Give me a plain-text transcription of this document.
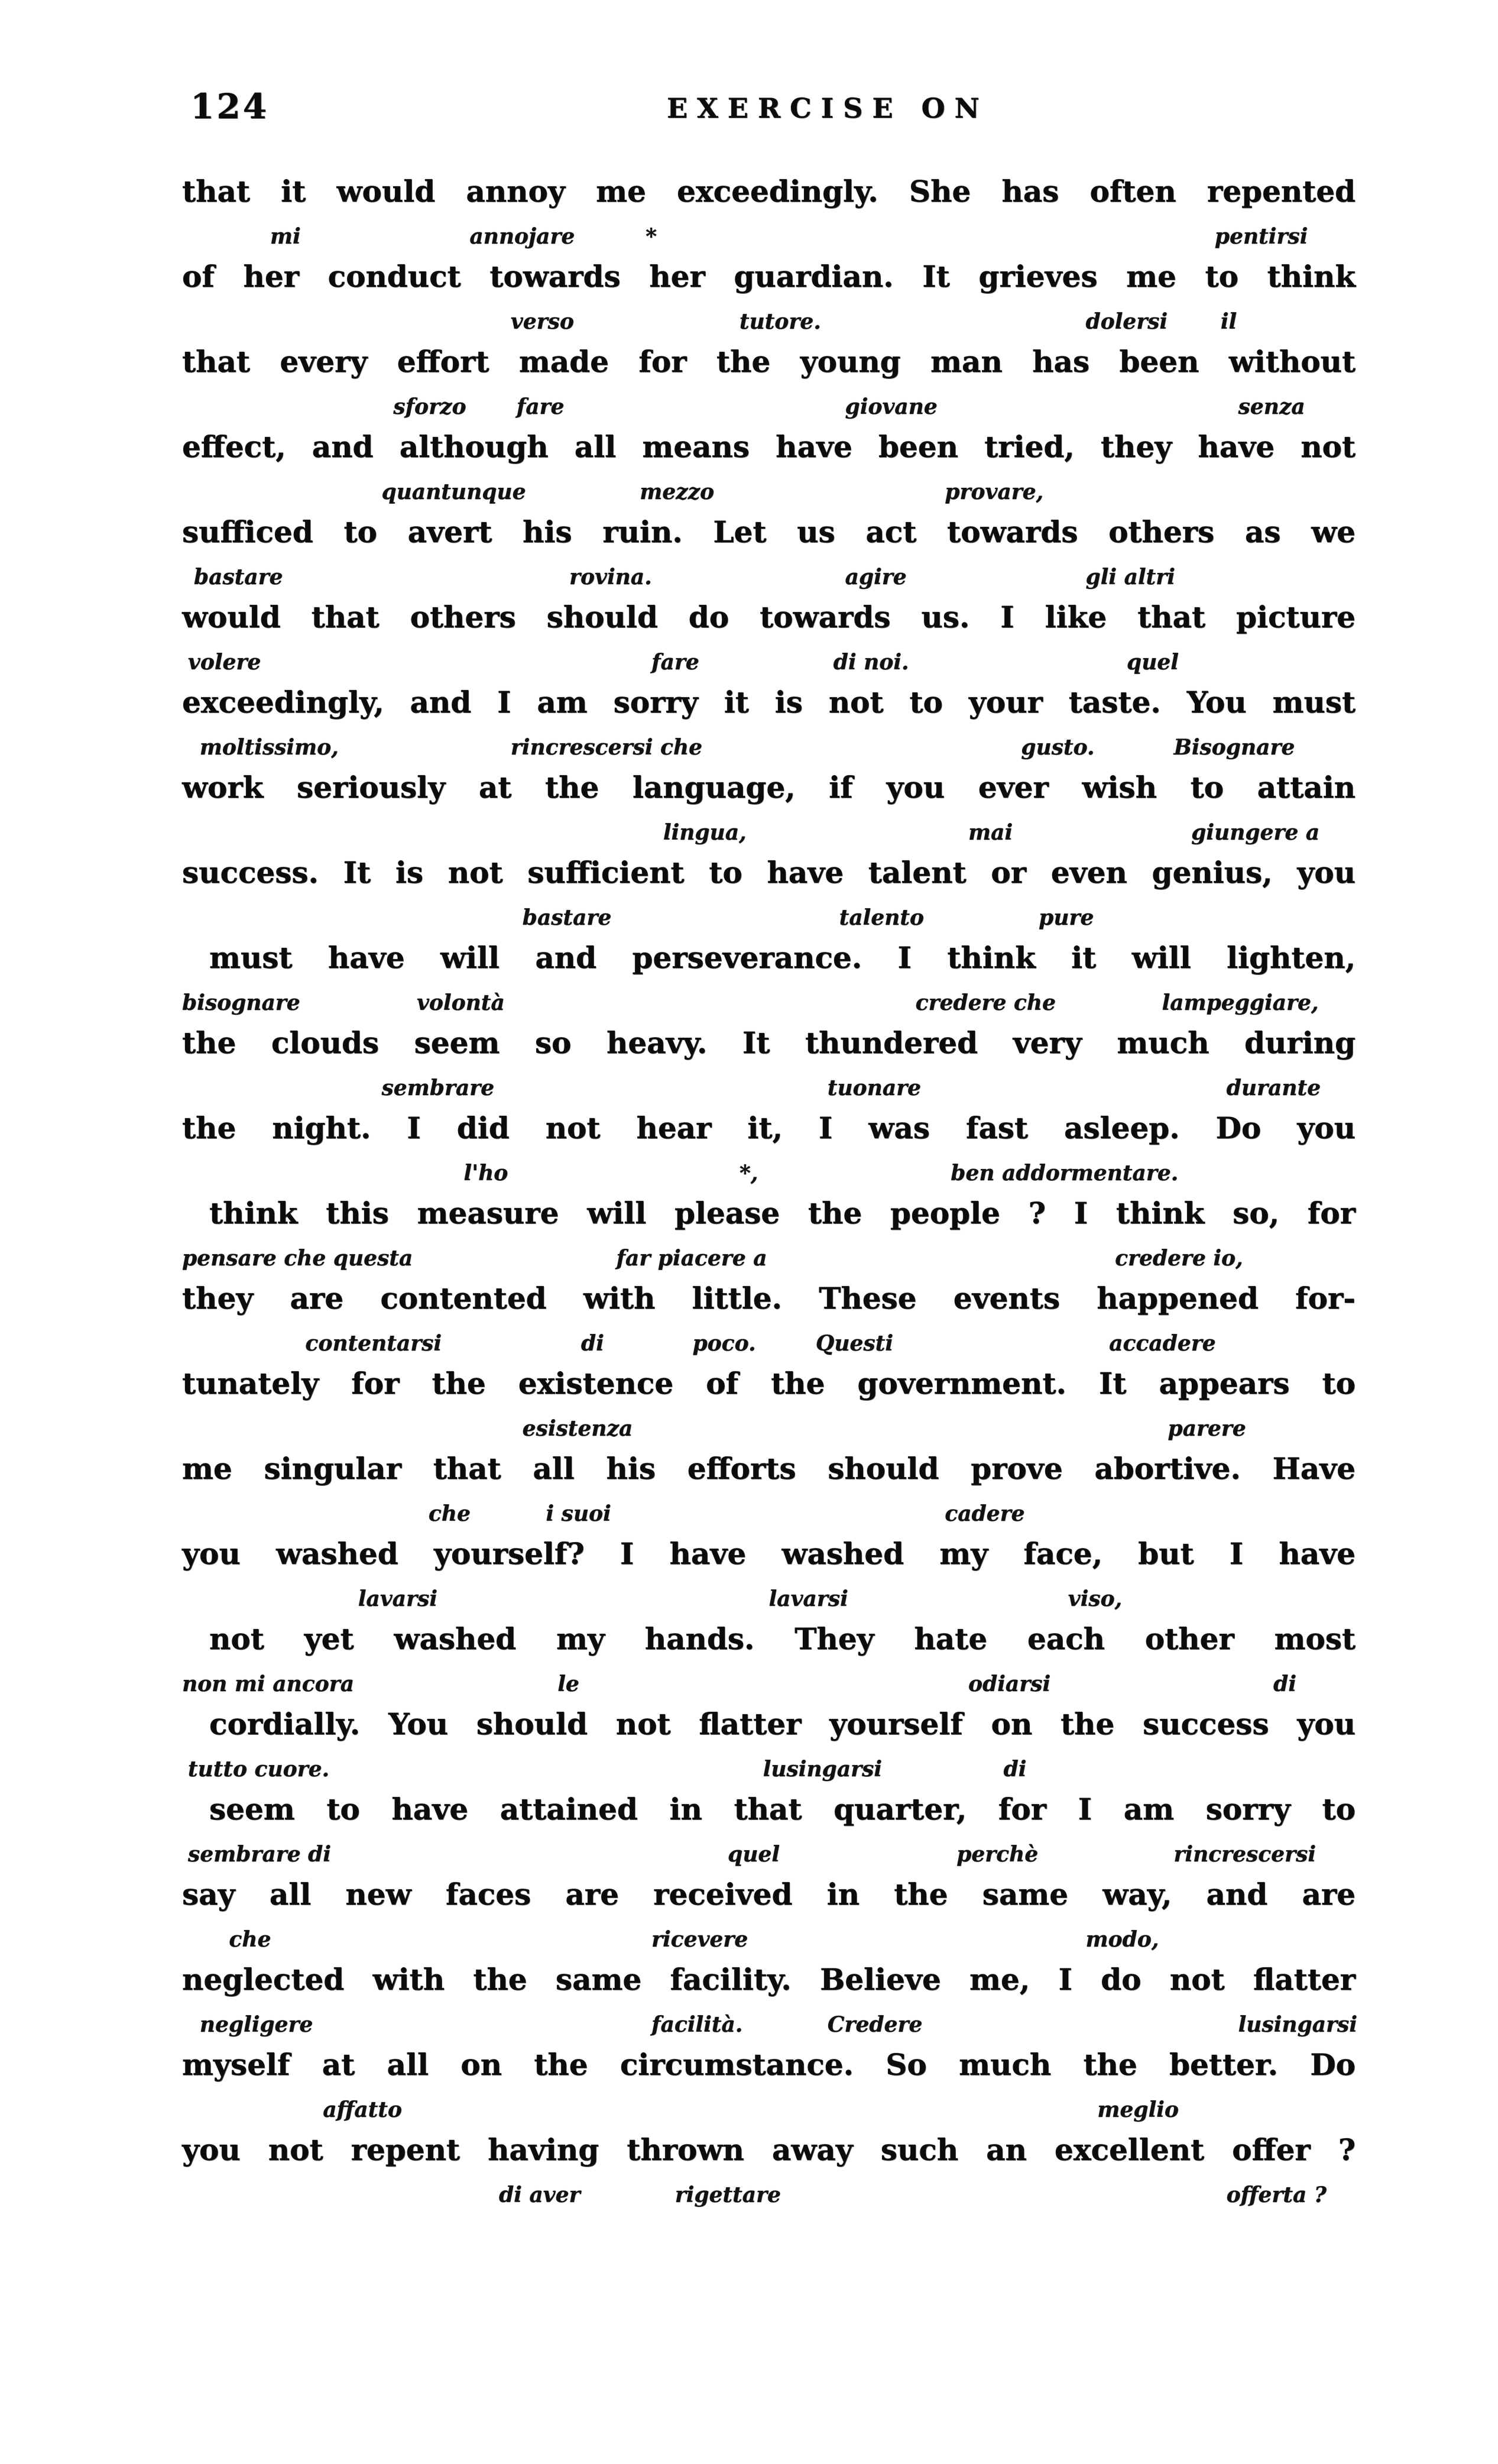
124	EXERCISE ON
that it would annoy me exceedingly. She has often repented
mi	annojare	*	pentirsi
of her conduct towards her guardian. It grieves me to think
verso	tutore.	dolersi il
that every effort made for the young man has been without
sforzo fare	giovane	senza
effect, and although all means have been tried, they have not
quantunque	mezzo	provare,
sufficed to avert his ruin. Let us act towards others as we
bastare	rovina.	agire	gli altri
would that others should do towards us. I like that picture
volere	fare	di noi.	quel
exceedingly, and I am sorry it is not to your taste. You must
moltissimo,	rincrescersi che	gusto.	Bisognare
work seriously at the language, if you ever wish to attain
lingua,	mai	giungere a
success. It is not sufficient to have talent or even genius, you
bastare	talento	pure
must have will and perseverance. I think it will lighten,
bisognare	volontà	credere che	lampeggiare,
the clouds seem so heavy. It thundered very much during
sembrare	tuonare	durante
the night. I did not hear it, I was fast asleep. Do you
l'ho	*,	ben addormentare.
think this measure will please the people ? I think so, for
pensare che questa	far piacere a	credere io,
they are contented with little. These events happened for-
contentarsi	di	poco.	Questi	accadere
tunately for the existence of the government. It appears to
esistenza	parere
me singular that all his efforts should prove abortive. Have
che	i suoi	cadere
you washed yourself? I have washed my face, but I have
lavarsi	lavarsi	viso,
not yet washed my hands. They hate each other most
non mi ancora	le	odiarsi	di
cordially. You should not flatter yourself on the success you
tutto cuore.	lusingarsi	di
seem to have attained in that quarter, for I am sorry to
sembrare di	quel	perchè	rincrescersi
say all new faces are received in the same way, and are
che	ricevere	modo,
neglected with the same facility. Believe me, I do not flatter
negligere	facilità.	Credere	lusingarsi
myself at all on the circumstance. So much the better. Do
affatto	meglio
you not repent having thrown away such an excellent offer ?
di aver	rigettare	offerta ?
